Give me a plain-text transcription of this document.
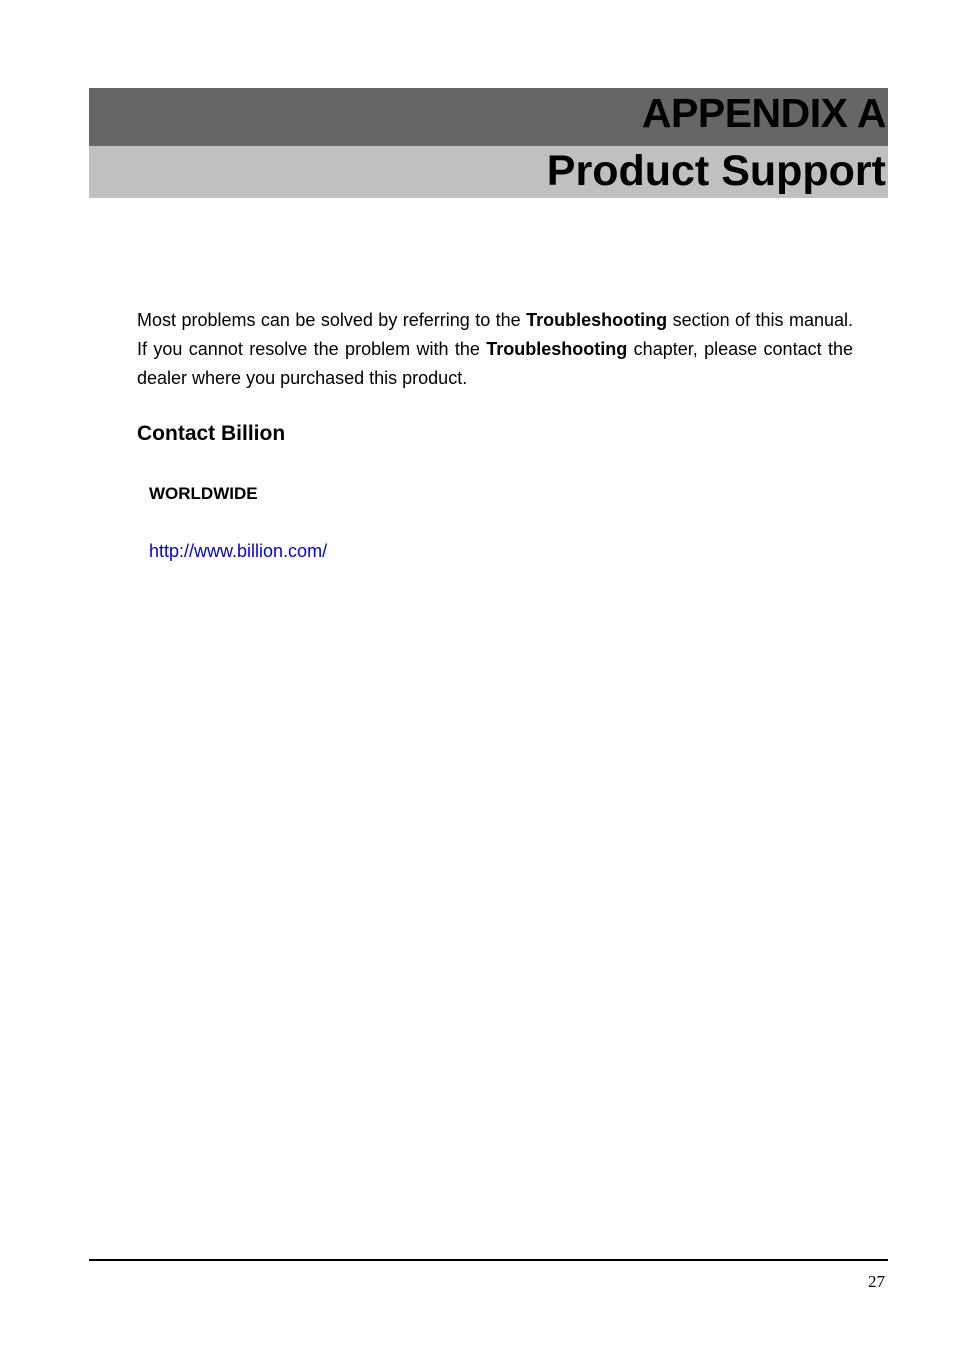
APPENDIX A
Product Support

Most problems can be solved by referring to the Troubleshooting section of this manual. If you cannot resolve the problem with the Troubleshooting chapter, please contact the dealer where you purchased this product.

Contact Billion
WORLDWIDE
http://www.billion.com/
27
